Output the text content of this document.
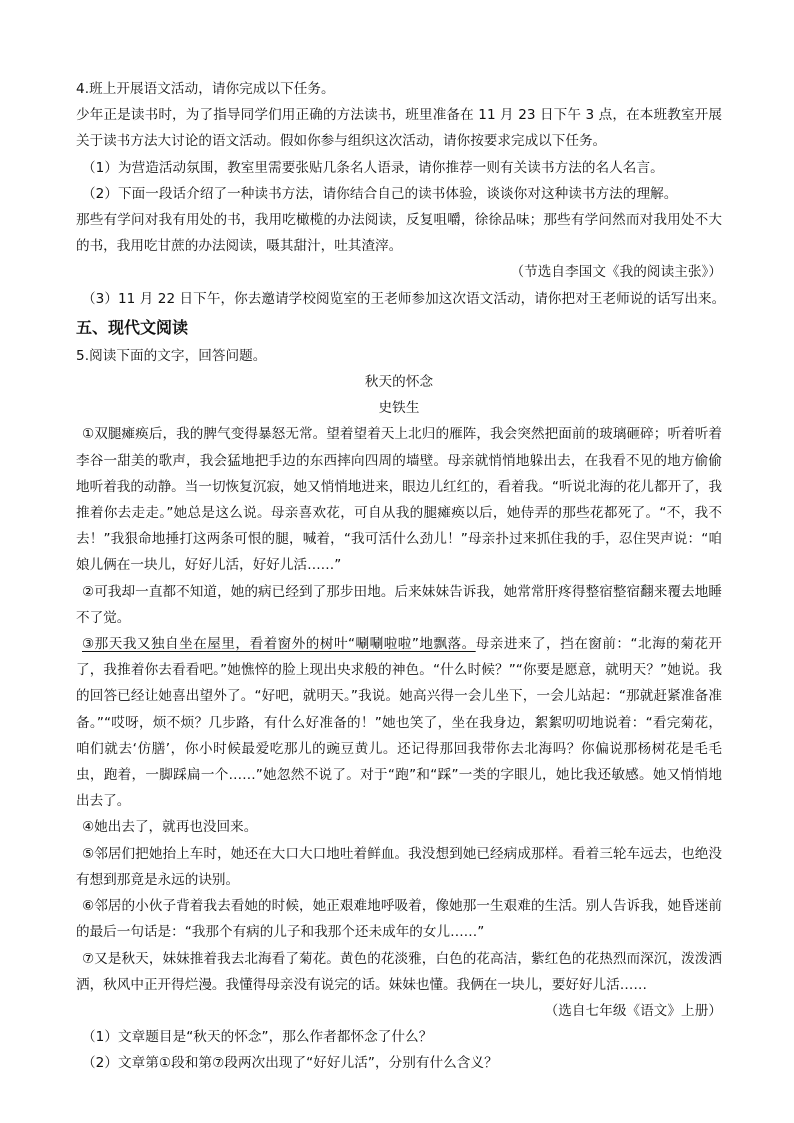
4.班上开展语文活动，请你完成以下任务。
少年正是读书时，为了指导同学们用正确的方法读书，班里准备在 11 月 23 日下午 3 点，在本班教室开展关于读书方法大讨论的语文活动。假如你参与组织这次活动，请你按要求完成以下任务。
（1）为营造活动氛围，教室里需要张贴几条名人语录，请你推荐一则有关读书方法的名人名言。
（2）下面一段话介绍了一种读书方法，请你结合自己的读书体验，谈谈你对这种读书方法的理解。
那些有学问对我有用处的书，我用吃橄榄的办法阅读，反复咀嚼，徐徐品味；那些有学问然而对我用处不大的书，我用吃甘蔗的办法阅读，嗫其甜汁，吐其渣滓。
（节选自李国文《我的阅读主张》）
（3）11 月 22 日下午，你去邀请学校阅览室的王老师参加这次语文活动，请你把对王老师说的话写出来。
五、现代文阅读
5.阅读下面的文字，回答问题。
秋天的怀念
史铁生
①双腿瘫痪后，我的脾气变得暴怒无常。望着望着天上北归的雁阵，我会突然把面前的玻璃砸碎；听着听着李谷一甜美的歌声，我会猛地把手边的东西摔向四周的墙壁。母亲就悄悄地躲出去，在我看不见的地方偷偷地听着我的动静。当一切恢复沉寂，她又悄悄地进来，眼边儿红红的，看着我。“听说北海的花儿都开了，我推着你去走走。”她总是这么说。母亲喜欢花，可自从我的腿瘫痪以后，她侍弄的那些花都死了。“不，我不去！”我狠命地捶打这两条可恨的腿，喊着，“我可活什么劲儿！”母亲扑过来抓住我的手，忍住哭声说：“咱娘儿俩在一块儿，好好儿活，好好儿活……”
②可我却一直都不知道，她的病已经到了那步田地。后来妹妹告诉我，她常常肝疼得整宿整宿翻来覆去地睡不了觉。
③那天我又独自坐在屋里，看着窗外的树叶“唰唰啦啦”地飘落。母亲进来了，挡在窗前：“北海的菊花开了，我推着你去看看吧。”她憔悴的脸上现出央求般的神色。“什么时候？”“你要是愿意，就明天？”她说。我的回答已经让她喜出望外了。“好吧，就明天。”我说。她高兴得一会儿坐下，一会儿站起：“那就赶紧准备准备。”“哎呀，烦不烦？几步路，有什么好准备的！”她也笑了，坐在我身边，絮絮叨叨地说着：“看完菊花，咱们就去‘仿膳’，你小时候最爱吃那儿的豌豆黄儿。还记得那回我带你去北海吗？你偏说那杨树花是毛毛虫，跑着，一脚踩扁一个……”她忽然不说了。对于“跑”和“踩”一类的字眼儿，她比我还敏感。她又悄悄地出去了。
④她出去了，就再也没回来。
⑤邻居们把她抬上车时，她还在大口大口地吐着鲜血。我没想到她已经病成那样。看着三轮车远去，也绝没有想到那竟是永远的诀别。
⑥邻居的小伙子背着我去看她的时候，她正艰难地呼吸着，像她那一生艰难的生活。别人告诉我，她昏迷前的最后一句话是：“我那个有病的儿子和我那个还未成年的女儿……”
⑦又是秋天，妹妹推着我去北海看了菊花。黄色的花淡雅，白色的花高洁，紫红色的花热烈而深沉，泼泼洒洒，秋风中正开得烂漫。我懂得母亲没有说完的话。妹妹也懂。我俩在一块儿，要好好儿活……
（选自七年级《语文》上册）
（1）文章题目是“秋天的怀念”，那么作者都怀念了什么？
（2）文章第①段和第⑦段两次出现了“好好儿活”，分别有什么含义？
